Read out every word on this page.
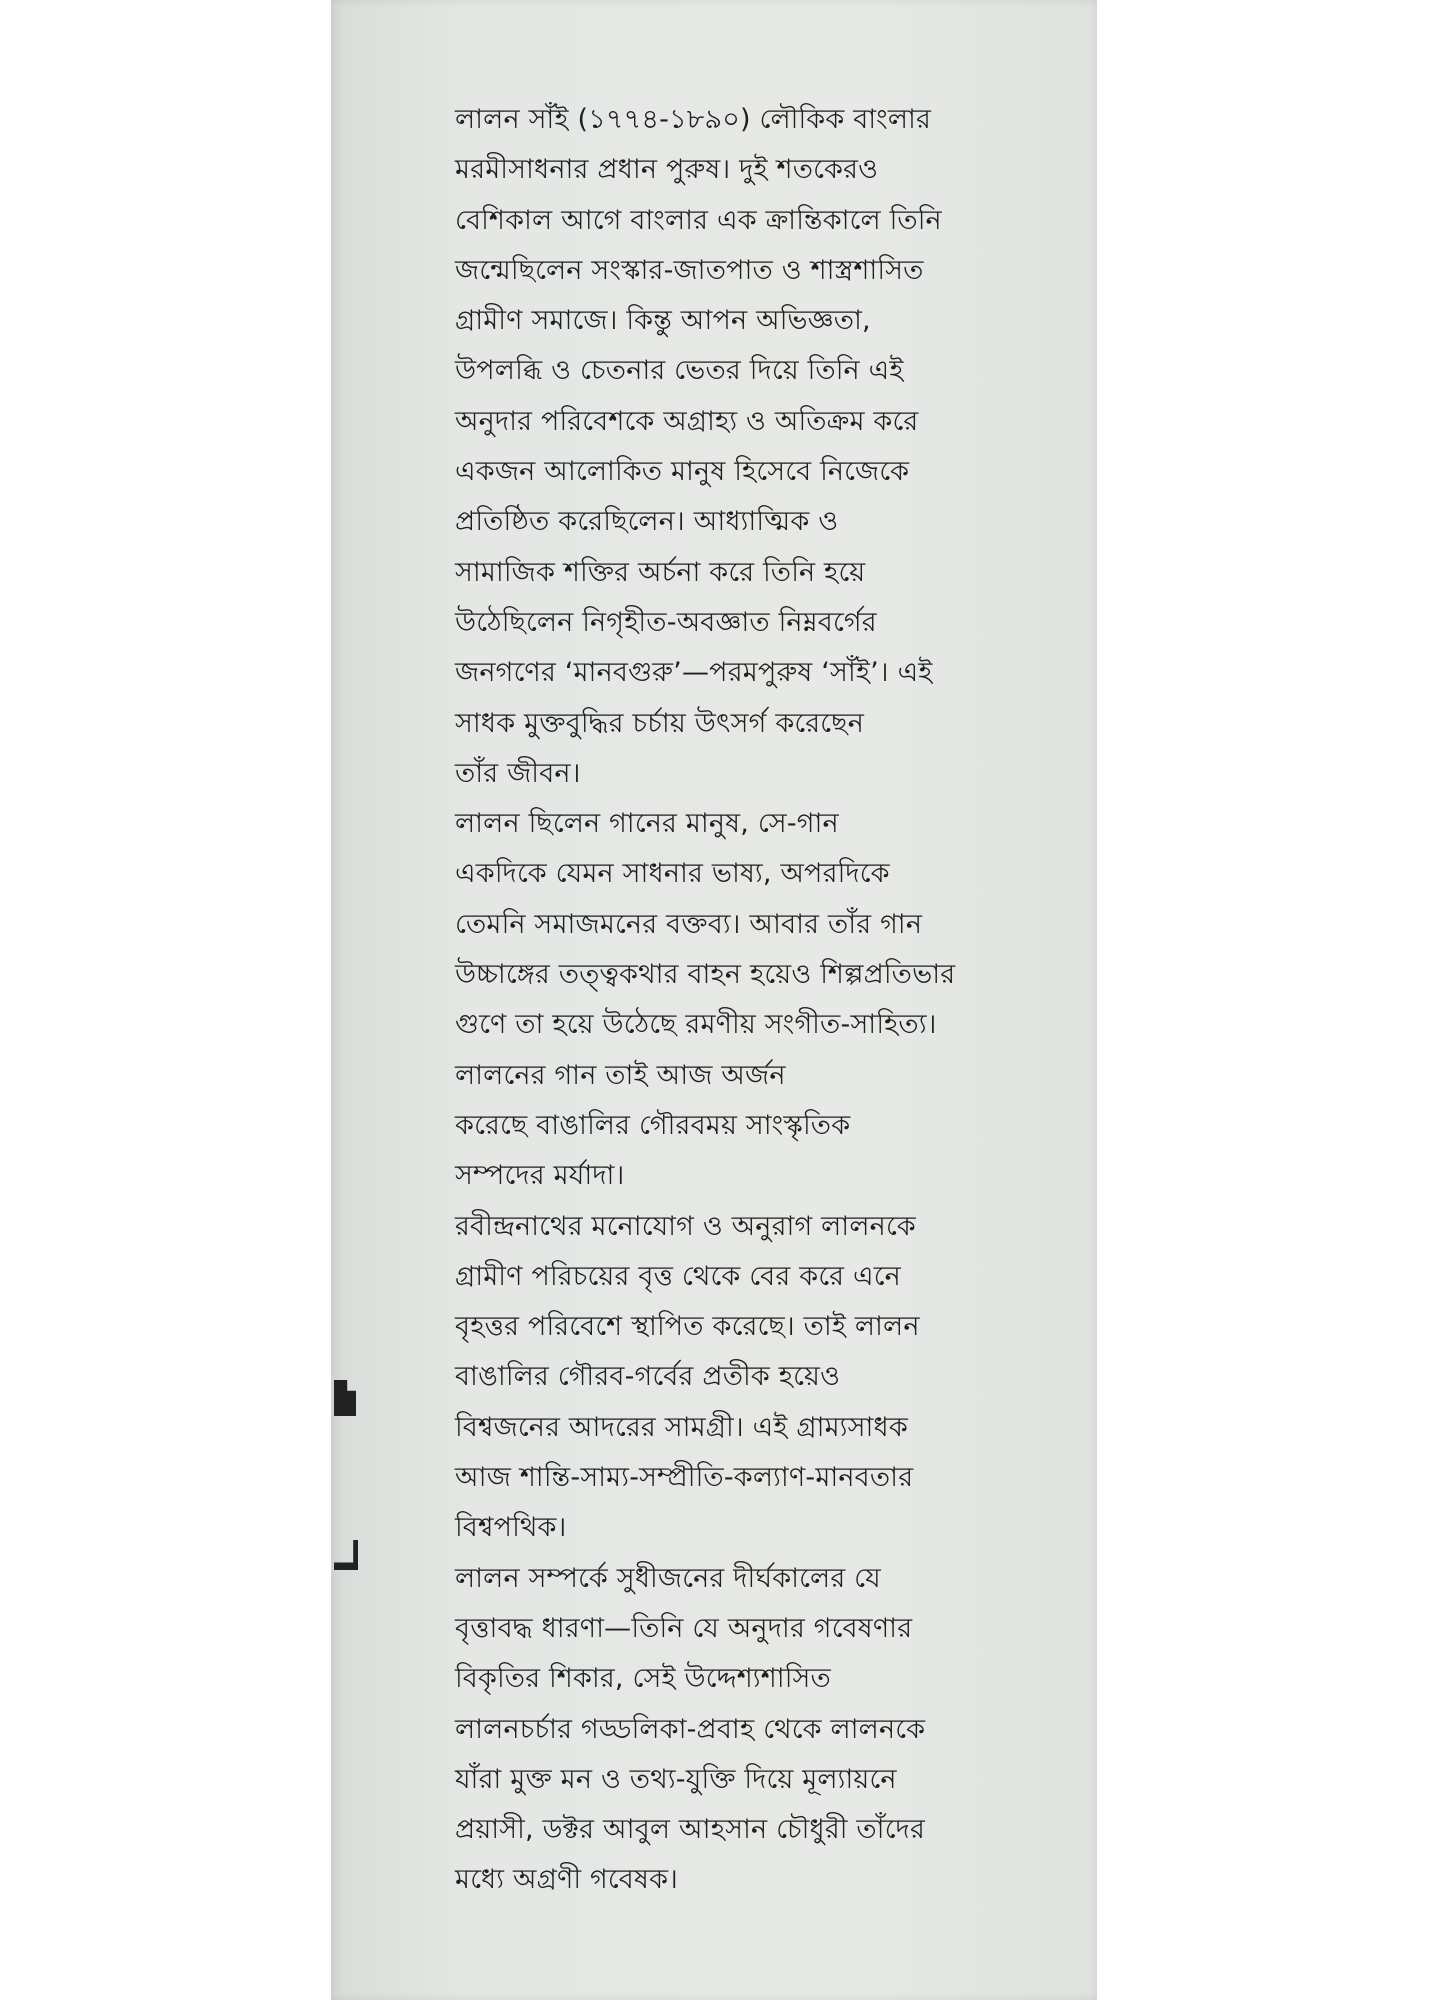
লালন সাঁই (১৭৭৪-১৮৯০) লৌকিক বাংলার
মরমীসাধনার প্রধান পুরুষ। দুই শতকেরও
বেশিকাল আগে বাংলার এক ক্রান্তিকালে তিনি
জন্মেছিলেন সংস্কার-জাতপাত ও শাস্ত্রশাসিত
গ্রামীণ সমাজে। কিন্তু আপন অভিজ্ঞতা,
উপলব্ধি ও চেতনার ভেতর দিয়ে তিনি এই
অনুদার পরিবেশকে অগ্রাহ্য ও অতিক্রম করে
একজন আলোকিত মানুষ হিসেবে নিজেকে
প্রতিষ্ঠিত করেছিলেন। আধ্যাত্মিক ও
সামাজিক শক্তির অর্চনা করে তিনি হয়ে
উঠেছিলেন নিগৃহীত-অবজ্ঞাত নিম্নবর্গের
জনগণের ‘মানবগুরু’—পরমপুরুষ ‘সাঁই’। এই
সাধক মুক্তবুদ্ধির চর্চায় উৎসর্গ করেছেন
তাঁর জীবন।
লালন ছিলেন গানের মানুষ, সে-গান
একদিকে যেমন সাধনার ভাষ্য, অপরদিকে
তেমনি সমাজমনের বক্তব্য। আবার তাঁর গান
উচ্চাঙ্গের তত্ত্বকথার বাহন হয়েও শিল্পপ্রতিভার
গুণে তা হয়ে উঠেছে রমণীয় সংগীত-সাহিত্য।
লালনের গান তাই আজ অর্জন
করেছে বাঙালির গৌরবময় সাংস্কৃতিক
সম্পদের মর্যাদা।
রবীন্দ্রনাথের মনোযোগ ও অনুরাগ লালনকে
গ্রামীণ পরিচয়ের বৃত্ত থেকে বের করে এনে
বৃহত্তর পরিবেশে স্থাপিত করেছে। তাই লালন
বাঙালির গৌরব-গর্বের প্রতীক হয়েও
বিশ্বজনের আদরের সামগ্রী। এই গ্রাম্যসাধক
আজ শান্তি-সাম্য-সম্প্রীতি-কল্যাণ-মানবতার
বিশ্বপথিক।
লালন সম্পর্কে সুধীজনের দীর্ঘকালের যে
বৃত্তাবদ্ধ ধারণা—তিনি যে অনুদার গবেষণার
বিকৃতির শিকার, সেই উদ্দেশ্যশাসিত
লালনচর্চার গড্ডলিকা-প্রবাহ থেকে লালনকে
যাঁরা মুক্ত মন ও তথ্য-যুক্তি দিয়ে মূল্যায়নে
প্রয়াসী, ডক্টর আবুল আহসান চৌধুরী তাঁদের
মধ্যে অগ্রণী গবেষক।
